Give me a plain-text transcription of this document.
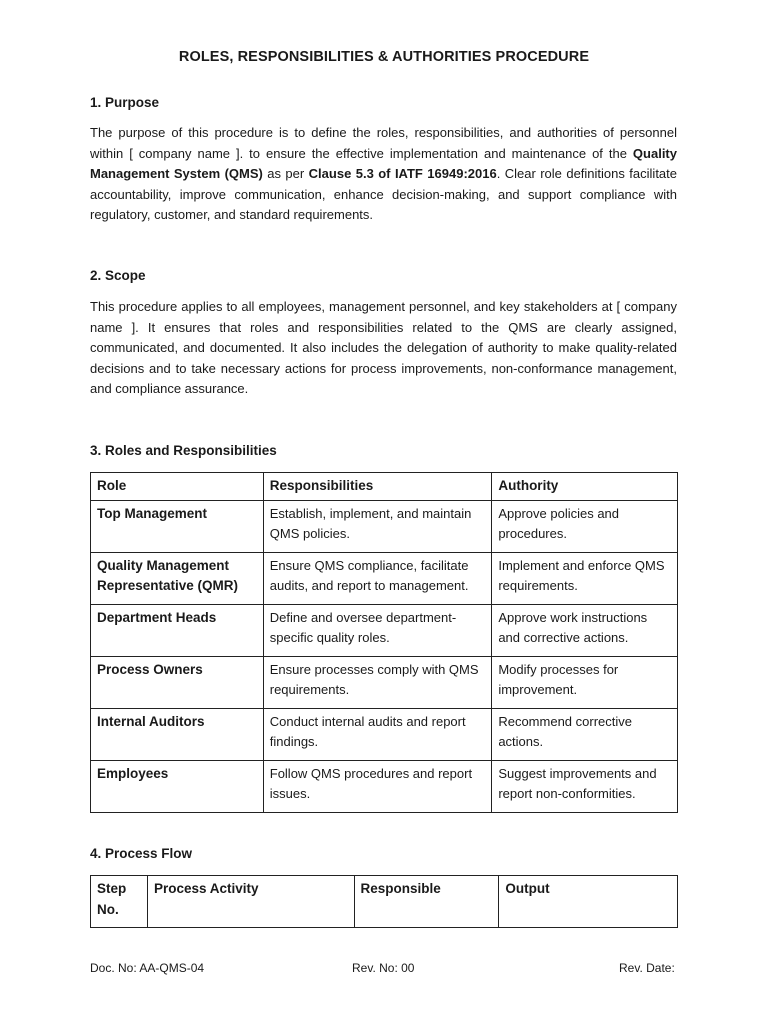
ROLES, RESPONSIBILITIES & AUTHORITIES PROCEDURE
1. Purpose

The purpose of this procedure is to define the roles, responsibilities, and authorities of personnel within [ company name ]. to ensure the effective implementation and maintenance of the Quality Management System (QMS) as per Clause 5.3 of IATF 16949:2016. Clear role definitions facilitate accountability, improve communication, enhance decision-making, and support compliance with regulatory, customer, and standard requirements.

2. Scope

This procedure applies to all employees, management personnel, and key stakeholders at [ company name ]. It ensures that roles and responsibilities related to the QMS are clearly assigned, communicated, and documented. It also includes the delegation of authority to make quality-related decisions and to take necessary actions for process improvements, non-conformance management, and compliance assurance.

3. Roles and Responsibilities
Role	Responsibilities	Authority
Top Management	Establish, implement, and maintain QMS policies.	Approve policies and procedures.
Quality Management Representative (QMR)	Ensure QMS compliance, facilitate audits, and report to management.	Implement and enforce QMS requirements.
Department Heads	Define and oversee department-specific quality roles.	Approve work instructions and corrective actions.
Process Owners	Ensure processes comply with QMS requirements.	Modify processes for improvement.
Internal Auditors	Conduct internal audits and report findings.	Recommend corrective actions.
Employees	Follow QMS procedures and report issues.	Suggest improvements and report non-conformities.
4. Process Flow
Step No.	Process Activity	Responsible	Output

Doc. No: AA-QMS-04	Rev. No: 00	Rev. Date:
